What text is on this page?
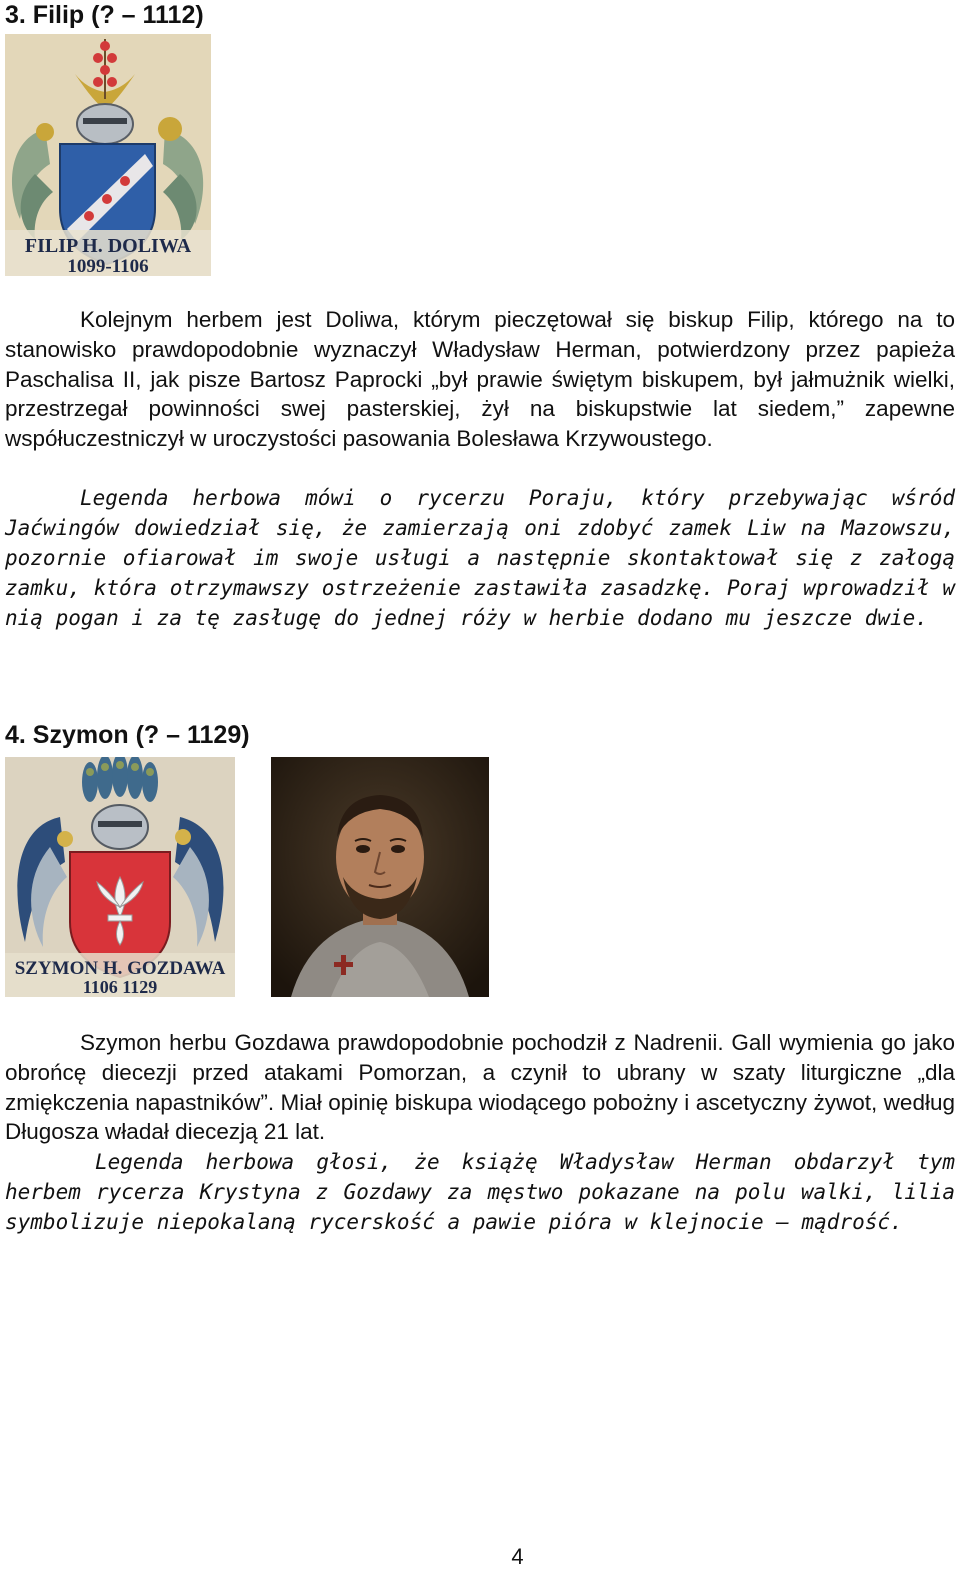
3. Filip (? – 1112)
FILIP H. DOLIWA
1099-1106

Kolejnym herbem jest Doliwa, którym pieczętował się biskup Filip, którego na to stanowisko prawdopodobnie wyznaczył Władysław Herman, potwierdzony przez papieża Paschalisa II, jak pisze Bartosz Paprocki „był prawie świętym biskupem, był jałmużnik wielki, przestrzegał powinności swej pasterskiej, żył na biskupstwie lat siedem,” zapewne współuczestniczył w uroczystości pasowania Bolesława Krzywoustego.

Legenda herbowa mówi o rycerzu Poraju, który przebywając wśród Jaćwingów dowiedział się, że zamierzają oni zdobyć zamek Liw na Mazowszu, pozornie ofiarował im swoje usługi a następnie skontaktował się z załogą zamku, która otrzymawszy ostrzeżenie zastawiła zasadzkę. Poraj wprowadził w nią pogan i za tę zasługę do jednej róży w herbie dodano mu jeszcze dwie.

4. Szymon (? – 1129)
SZYMON H. GOZDAWA
1106 1129

Szymon herbu Gozdawa prawdopodobnie pochodził z Nadrenii. Gall wymienia go jako obrońcę diecezji przed atakami Pomorzan, a czynił to ubrany w szaty liturgiczne „dla zmiękczenia napastników”. Miał opinię biskupa wiodącego pobożny i ascetyczny żywot, według Długosza władał diecezją 21 lat.

Legenda herbowa głosi, że książę Władysław Herman obdarzył tym herbem rycerza Krystyna z Gozdawy za męstwo pokazane na polu walki, lilia symbolizuje niepokalaną rycerskość a pawie pióra w klejnocie – mądrość.

4
